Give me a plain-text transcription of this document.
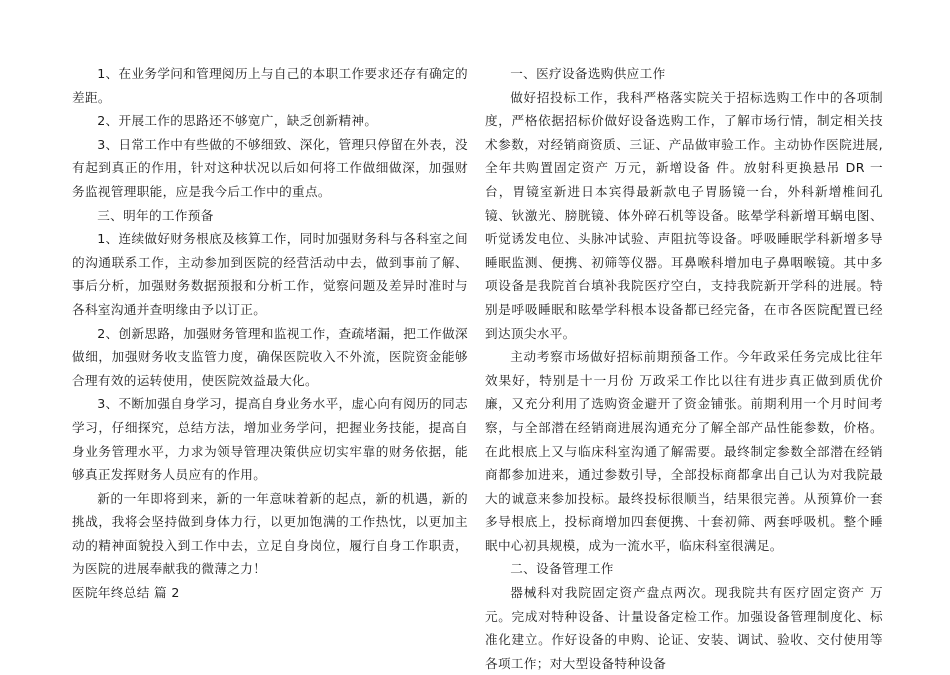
1、在业务学问和管理阅历上与自己的本职工作要求还存有确定的差距。

2、开展工作的思路还不够宽广，缺乏创新精神。

3、日常工作中有些做的不够细致、深化，管理只停留在外表，没有起到真正的作用，针对这种状况以后如何将工作做细做深，加强财务监视管理职能，应是我今后工作中的重点。

三、明年的工作预备

1、连续做好财务根底及核算工作，同时加强财务科与各科室之间的沟通联系工作，主动参加到医院的经营活动中去，做到事前了解、事后分析，加强财务数据预报和分析工作，觉察问题及差异时准时与各科室沟通并查明缘由予以订正。

2、创新思路，加强财务管理和监视工作，查疏堵漏，把工作做深做细，加强财务收支监管力度，确保医院收入不外流，医院资金能够合理有效的运转使用，使医院效益最大化。

3、不断加强自身学习，提高自身业务水平，虚心向有阅历的同志学习，仔细探究，总结方法，增加业务学问，把握业务技能，提高自身业务管理水平，力求为领导管理决策供应切实牢靠的财务依据，能够真正发挥财务人员应有的作用。

新的一年即将到来，新的一年意味着新的起点，新的机遇，新的挑战，我将会坚持做到身体力行，以更加饱满的工作热忱，以更加主动的精神面貌投入到工作中去，立足自身岗位，履行自身工作职责，为医院的进展奉献我的微薄之力！

医院年终总结 篇 2

一、医疗设备选购供应工作

做好招投标工作，我科严格落实院关于招标选购工作中的各项制度，严格依据招标价做好设备选购工作，了解市场行情，制定相关技术参数，对经销商资质、三证、产品做审验工作。主动协作医院进展,全年共购置固定资产 万元，新增设备 件。放射科更换悬吊 DR 一台，胃镜室新进日本宾得最新款电子胃肠镜一台，外科新增椎间孔镜、钬激光、膀胱镜、体外碎石机等设备。眩晕学科新增耳蜗电图、听觉诱发电位、头脉冲试验、声阻抗等设备。呼吸睡眠学科新增多导睡眠监测、便携、初筛等仪器。耳鼻喉科增加电子鼻咽喉镜。其中多项设备是我院首台填补我院医疗空白，支持我院新开学科的进展。特别是呼吸睡眠和眩晕学科根本设备都已经完备，在市各医院配置已经到达顶尖水平。

主动考察市场做好招标前期预备工作。今年政采任务完成比往年效果好，特别是十一月份 万政采工作比以往有进步真正做到质优价廉，又充分利用了选购资金避开了资金铺张。前期利用一个月时间考察，与全部潜在经销商进展沟通充分了解全部产品性能参数，价格。在此根底上又与临床科室沟通了解需要。最终制定参数全部潜在经销商都参加进来，通过参数引导，全部投标商都拿出自己认为对我院最大的诚意来参加投标。最终投标很顺当，结果很完善。从预算价一套多导根底上，投标商增加四套便携、十套初筛、两套呼吸机。整个睡眠中心初具规模，成为一流水平，临床科室很满足。

二、设备管理工作

器械科对我院固定资产盘点两次。现我院共有医疗固定资产 万元。完成对特种设备、计量设备定检工作。加强设备管理制度化、标准化建立。作好设备的申购、论证、安装、调试、验收、交付使用等各项工作；对大型设备特种设备
